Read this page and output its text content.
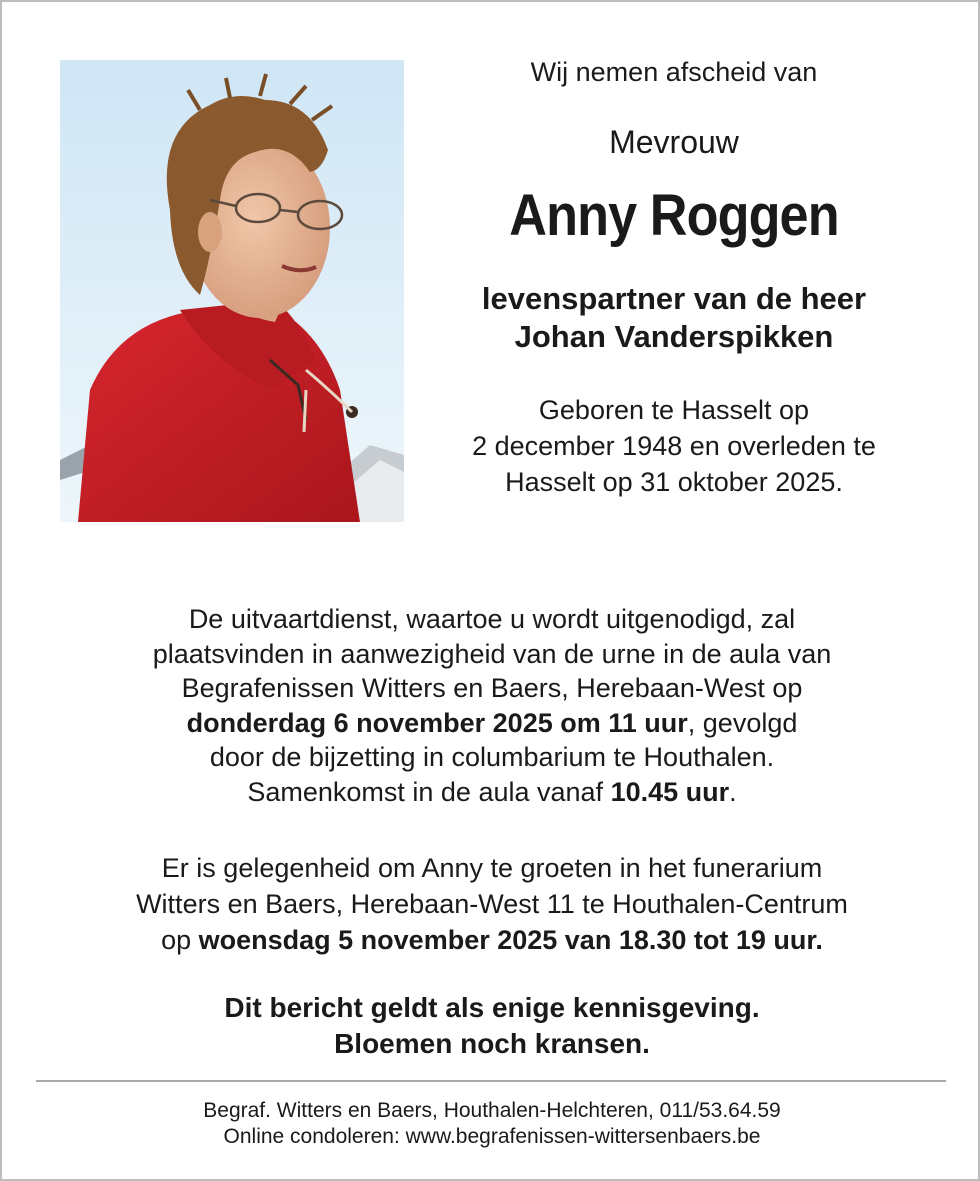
Wij nemen afscheid van

Mevrouw

Anny Roggen

levenspartner van de heer
Johan Vanderspikken

Geboren te Hasselt op
2 december 1948 en overleden te
Hasselt op 31 oktober 2025.

De uitvaartdienst, waartoe u wordt uitgenodigd, zal

plaatsvinden in aanwezigheid van de urne in de aula van

Begrafenissen Witters en Baers, Herebaan-West op

donderdag 6 november 2025 om 11 uur, gevolgd

door de bijzetting in columbarium te Houthalen.

Samenkomst in de aula vanaf 10.45 uur.

Er is gelegenheid om Anny te groeten in het funerarium

Witters en Baers, Herebaan-West 11 te Houthalen-Centrum

op woensdag 5 november 2025 van 18.30 tot 19 uur.

Dit bericht geldt als enige kennisgeving.

Bloemen noch kransen.

Begraf. Witters en Baers, Houthalen-Helchteren, 011/53.64.59

Online condoleren: www.begrafenissen-wittersenbaers.be
